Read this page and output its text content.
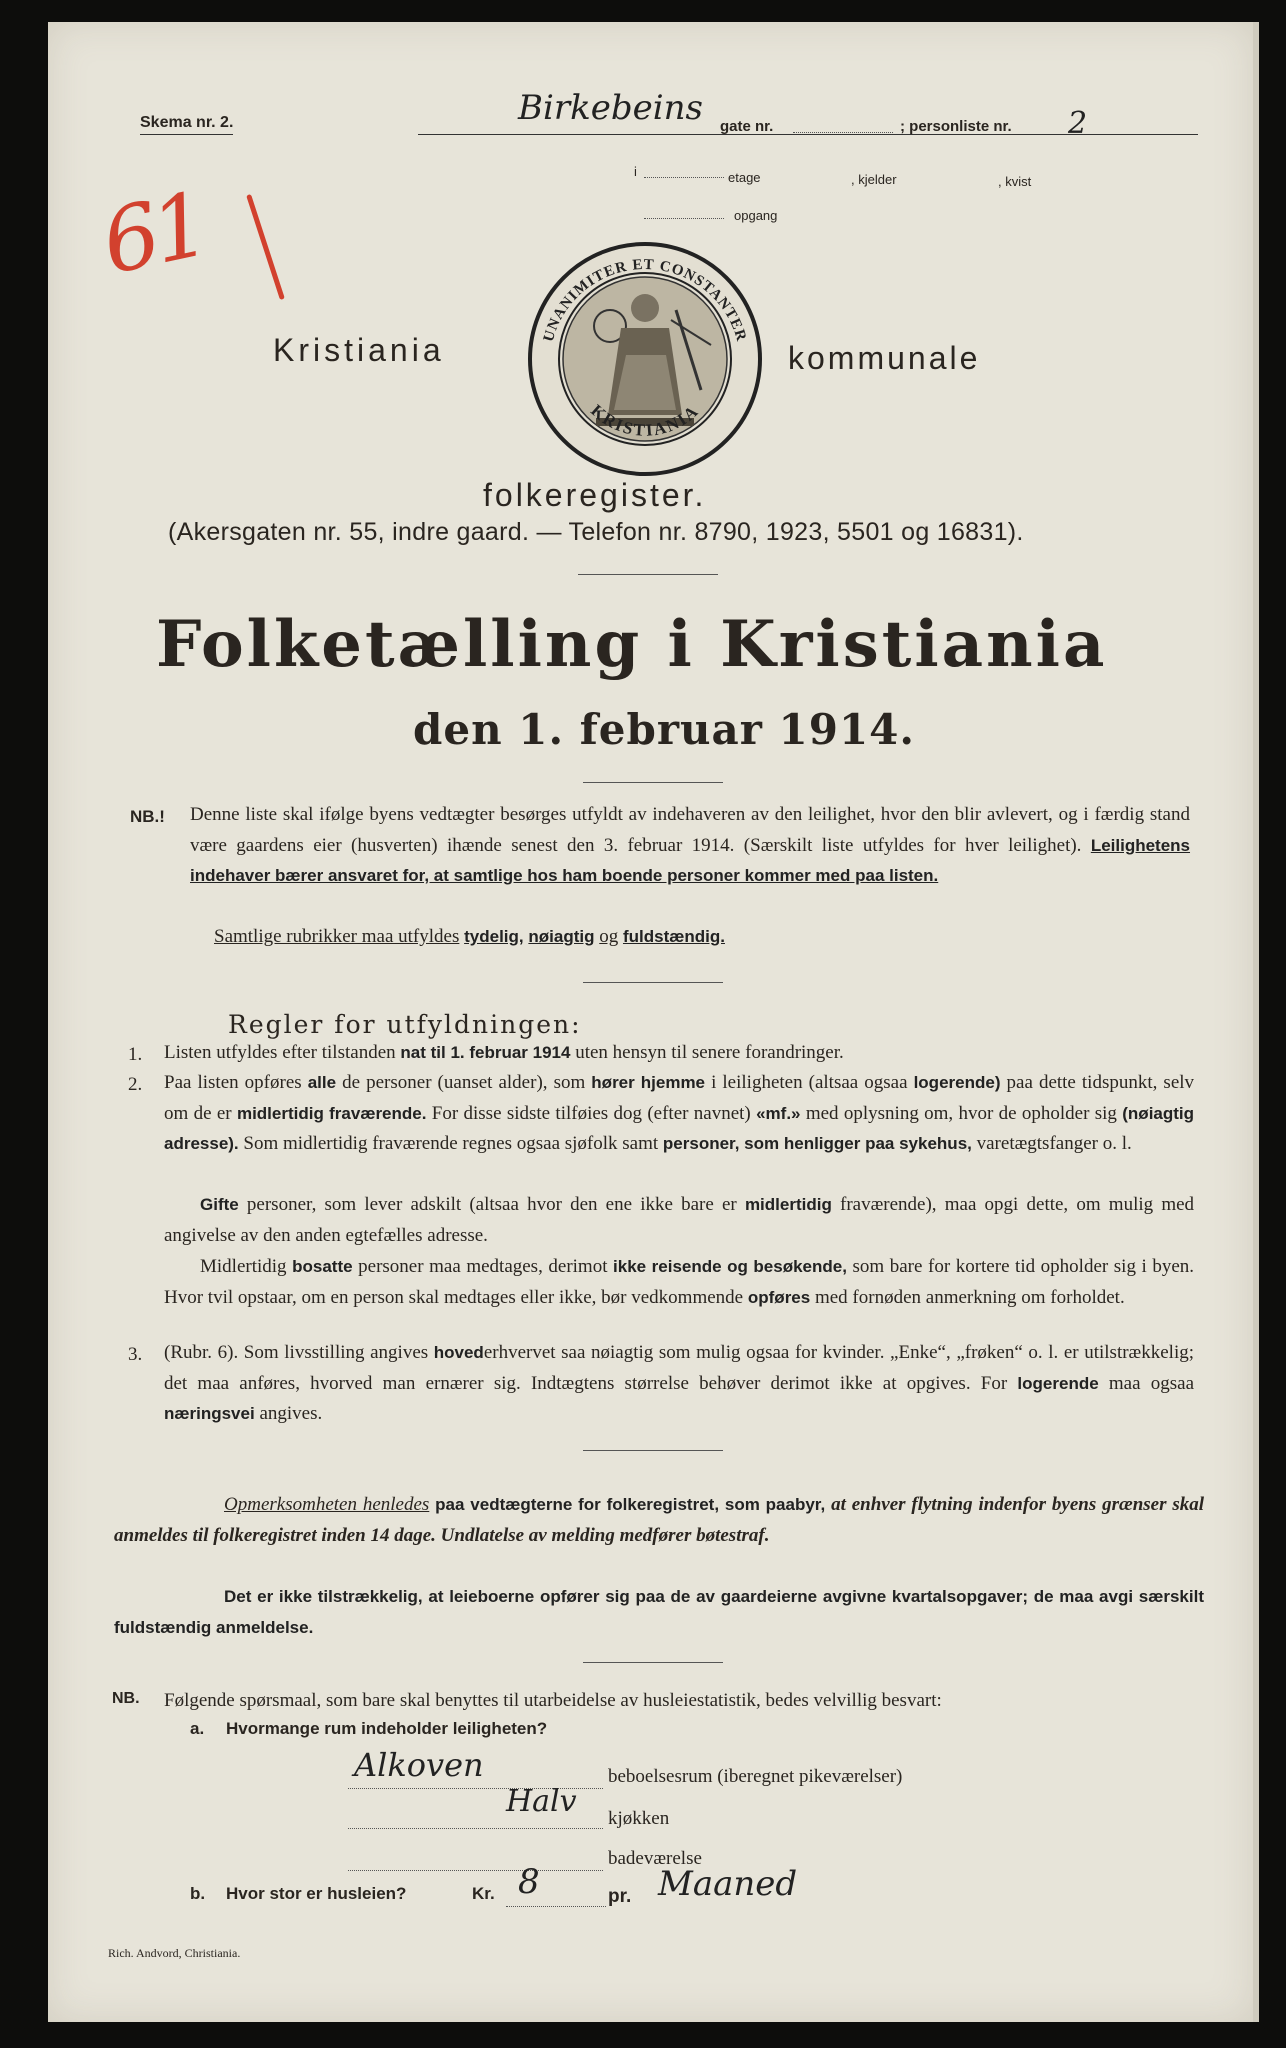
Skema nr. 2.	Birkebeins gate nr.	; personliste nr. 2
i	etage	, kjelder	, kvist
opgang
61
Kristiania	UNANIMITER ET CONSTANTER
KRISTIANIA
kommunale
folkeregister.
(Akersgaten nr. 55, indre gaard. — Telefon nr. 8790, 1923, 5501 og 16831).
Folketælling i Kristiania
den 1. februar 1914.
NB.! Denne liste skal ifølge byens vedtægter besørges utfyldt av indehaveren av den leilighet, hvor den blir avlevert, og i færdig stand være gaardens eier (husverten) ihænde senest den 3. februar 1914. (Særskilt liste utfyldes for hver leilighet). Leilighetens indehaver bærer ansvaret for, at samtlige hos ham boende personer kommer med paa listen.
Samtlige rubrikker maa utfyldes tydelig, nøiagtig og fuldstændig.
Regler for utfyldningen:
1. Listen utfyldes efter tilstanden nat til 1. februar 1914 uten hensyn til senere forandringer.
2. Paa listen opføres alle de personer (uanset alder), som hører hjemme i leiligheten (altsaa ogsaa logerende) paa dette tidspunkt, selv om de er midlertidig fraværende. For disse sidste tilføies dog (efter navnet) «mf.» med oplysning om, hvor de opholder sig (nøiagtig adresse). Som midlertidig fraværende regnes ogsaa sjøfolk samt personer, som henligger paa sykehus, varetægtsfanger o. l.
Gifte personer, som lever adskilt (altsaa hvor den ene ikke bare er midlertidig fraværende), maa opgi dette, om mulig med angivelse av den anden egtefælles adresse.
Midlertidig bosatte personer maa medtages, derimot ikke reisende og besøkende, som bare for kortere tid opholder sig i byen. Hvor tvil opstaar, om en person skal medtages eller ikke, bør vedkommende opføres med fornøden anmerkning om forholdet.
3. (Rubr. 6). Som livsstilling angives hovederhvervet saa nøiagtig som mulig ogsaa for kvinder. „Enke“, „frøken“ o. l. er utilstrækkelig; det maa anføres, hvorved man ernærer sig. Indtægtens størrelse behøver derimot ikke at opgives. For logerende maa ogsaa næringsvei angives.
Opmerksomheten henledes paa vedtægterne for folkeregistret, som paabyr, at enhver flytning indenfor byens grænser skal anmeldes til folkeregistret inden 14 dage. Undlatelse av melding medfører bøtestraf.
Det er ikke tilstrækkelig, at leieboerne opfører sig paa de av gaardeierne avgivne kvartalsopgaver; de maa avgi særskilt fuldstændig anmeldelse.
NB. Følgende spørsmaal, som bare skal benyttes til utarbeidelse av husleiestatistik, bedes velvillig besvart:
a. Hvormange rum indeholder leiligheten?
Alkoven	beboelsesrum (iberegnet pikeværelser)
Halv kjøkken
badeværelse
b. Hvor stor er husleien?	Kr. 8	pr. Maaned
Rich. Andvord, Christiania.
